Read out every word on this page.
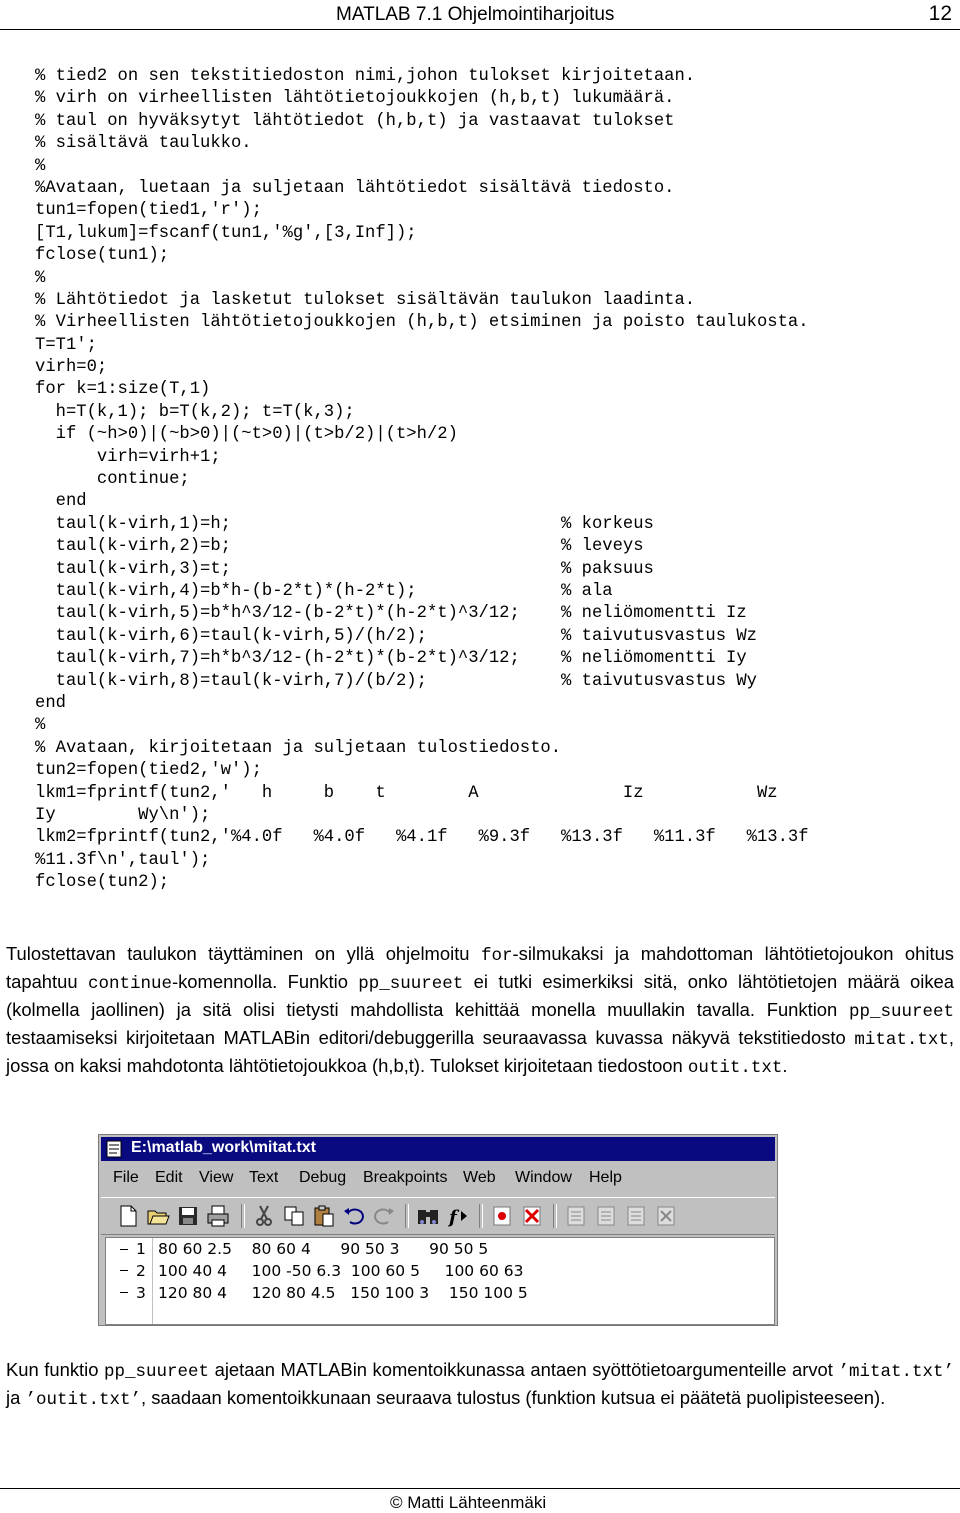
MATLAB 7.1 Ohjelmointiharjoitus	12
% tied2 on sen tekstitiedoston nimi,johon tulokset kirjoitetaan.
% virh on virheellisten lähtötietojoukkojen (h,b,t) lukumäärä.
% taul on hyväksytyt lähtötiedot (h,b,t) ja vastaavat tulokset
% sisältävä taulukko.
%
%Avataan, luetaan ja suljetaan lähtötiedot sisältävä tiedosto.
tun1=fopen(tied1,'r');
[T1,lukum]=fscanf(tun1,'%g',[3,Inf]);
fclose(tun1);
%
% Lähtötiedot ja lasketut tulokset sisältävän taulukon laadinta.
% Virheellisten lähtötietojoukkojen (h,b,t) etsiminen ja poisto taulukosta.
T=T1';
virh=0;
for k=1:size(T,1)
h=T(k,1); b=T(k,2); t=T(k,3);
if (~h>0)|(~b>0)|(~t>0)|(t>b/2)|(t>h/2)
virh=virh+1;
continue;
end
taul(k-virh,1)=h;                                % korkeus
taul(k-virh,2)=b;                                % leveys
taul(k-virh,3)=t;                                % paksuus
taul(k-virh,4)=b*h-(b-2*t)*(h-2*t);              % ala
taul(k-virh,5)=b*h^3/12-(b-2*t)*(h-2*t)^3/12;    % neliömomentti Iz
taul(k-virh,6)=taul(k-virh,5)/(h/2);             % taivutusvastus Wz
taul(k-virh,7)=h*b^3/12-(h-2*t)*(b-2*t)^3/12;    % neliömomentti Iy
taul(k-virh,8)=taul(k-virh,7)/(b/2);             % taivutusvastus Wy
end
%
% Avataan, kirjoitetaan ja suljetaan tulostiedosto.
tun2=fopen(tied2,'w');
lkm1=fprintf(tun2,'   h     b    t        A              Iz           Wz
Iy        Wy\n');
lkm2=fprintf(tun2,'%4.0f   %4.0f   %4.1f   %9.3f   %13.3f   %11.3f   %13.3f
%11.3f\n',taul');
fclose(tun2);

Tulostettavan taulukon täyttäminen on yllä ohjelmoitu for-silmukaksi ja mahdottoman lähtötietojoukon ohitus tapahtuu continue-komennolla. Funktio pp_suureet ei tutki esimerkiksi sitä, onko lähtötietojen määrä oikea (kolmella jaollinen) ja sitä olisi tietysti mahdollista kehittää monella muullakin tavalla. Funktion pp_suureet testaamiseksi kirjoitetaan MATLABin editori/debuggerilla seuraavassa kuvassa näkyvä tekstitiedosto mitat.txt, jossa on kaksi mahdotonta lähtötietojoukkoa (h,b,t). Tulokset kirjoitetaan tiedostoon outit.txt.

E:\matlab_work\mitat.txt
File Edit View Text Debug Breakpoints Web Window Help
f
1
2
3
80 60 2.5    80 60 4      90 50 3      90 50 5
100 40 4     100 -50 6.3  100 60 5     100 60 63
120 80 4     120 80 4.5   150 100 3    150 100 5

Kun funktio pp_suureet ajetaan MATLABin komentoikkunassa antaen syöttötietoargumenteille arvot ’mitat.txt’ ja ’outit.txt’, saadaan komentoikkunaan seuraava tulostus (funktion kutsua ei päätetä puolipisteeseen).

© Matti Lähteenmäki
